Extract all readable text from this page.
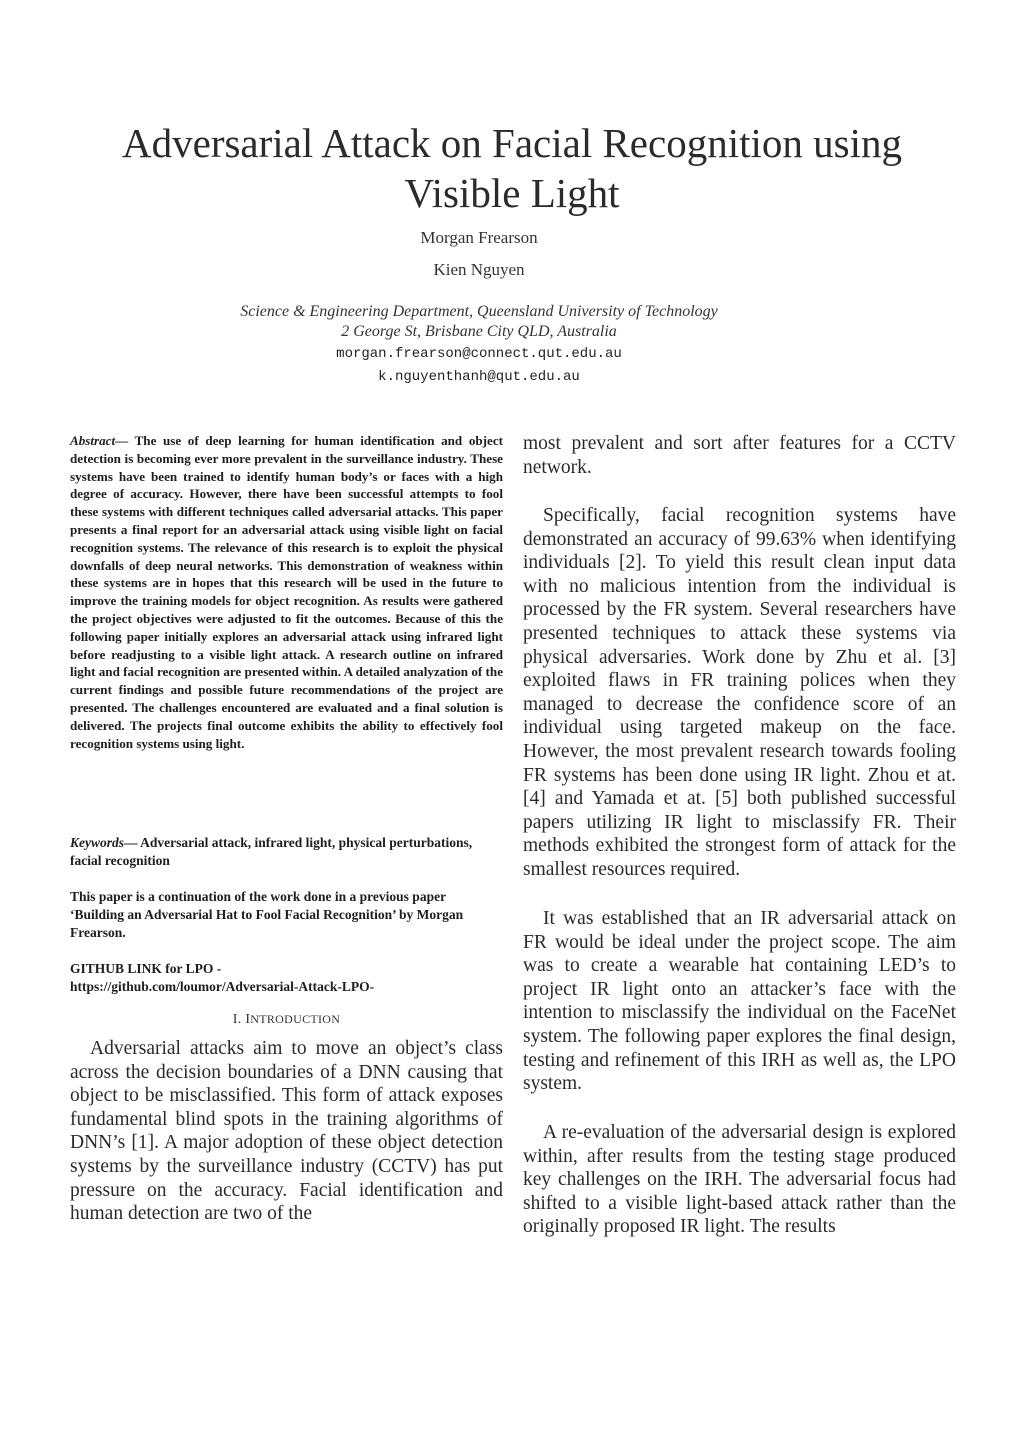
Adversarial Attack on Facial Recognition using Visible Light
Morgan Frearson
Kien Nguyen
Science & Engineering Department, Queensland University of Technology
2 George St, Brisbane City QLD, Australia
morgan.frearson@connect.qut.edu.au
k.nguyenthanh@qut.edu.au
Abstract— The use of deep learning for human identification and object detection is becoming ever more prevalent in the surveillance industry. These systems have been trained to identify human body’s or faces with a high degree of accuracy. However, there have been successful attempts to fool these systems with different techniques called adversarial attacks. This paper presents a final report for an adversarial attack using visible light on facial recognition systems. The relevance of this research is to exploit the physical downfalls of deep neural networks. This demonstration of weakness within these systems are in hopes that this research will be used in the future to improve the training models for object recognition. As results were gathered the project objectives were adjusted to fit the outcomes. Because of this the following paper initially explores an adversarial attack using infrared light before readjusting to a visible light attack. A research outline on infrared light and facial recognition are presented within. A detailed analyzation of the current findings and possible future recommendations of the project are presented. The challenges encountered are evaluated and a final solution is delivered. The projects final outcome exhibits the ability to effectively fool recognition systems using light.
Keywords— Adversarial attack, infrared light, physical perturbations, facial recognition
This paper is a continuation of the work done in a previous paper ‘Building an Adversarial Hat to Fool Facial Recognition’ by Morgan Frearson.
GITHUB LINK for LPO -
https://github.com/loumor/Adversarial-Attack-LPO-
I. INTRODUCTION

Adversarial attacks aim to move an object’s class across the decision boundaries of a DNN causing that object to be misclassified. This form of attack exposes fundamental blind spots in the training algorithms of DNN’s [1]. A major adoption of these object detection systems by the surveillance industry (CCTV) has put pressure on the accuracy. Facial identification and human detection are two of the

most prevalent and sort after features for a CCTV network.

Specifically, facial recognition systems have demonstrated an accuracy of 99.63% when identifying individuals [2]. To yield this result clean input data with no malicious intention from the individual is processed by the FR system. Several researchers have presented techniques to attack these systems via physical adversaries. Work done by Zhu et al. [3] exploited flaws in FR training polices when they managed to decrease the confidence score of an individual using targeted makeup on the face. However, the most prevalent research towards fooling FR systems has been done using IR light. Zhou et at. [4] and Yamada et at. [5] both published successful papers utilizing IR light to misclassify FR. Their methods exhibited the strongest form of attack for the smallest resources required.

It was established that an IR adversarial attack on FR would be ideal under the project scope. The aim was to create a wearable hat containing LED’s to project IR light onto an attacker’s face with the intention to misclassify the individual on the FaceNet system. The following paper explores the final design, testing and refinement of this IRH as well as, the LPO system.

A re-evaluation of the adversarial design is explored within, after results from the testing stage produced key challenges on the IRH. The adversarial focus had shifted to a visible light-based attack rather than the originally proposed IR light. The results
